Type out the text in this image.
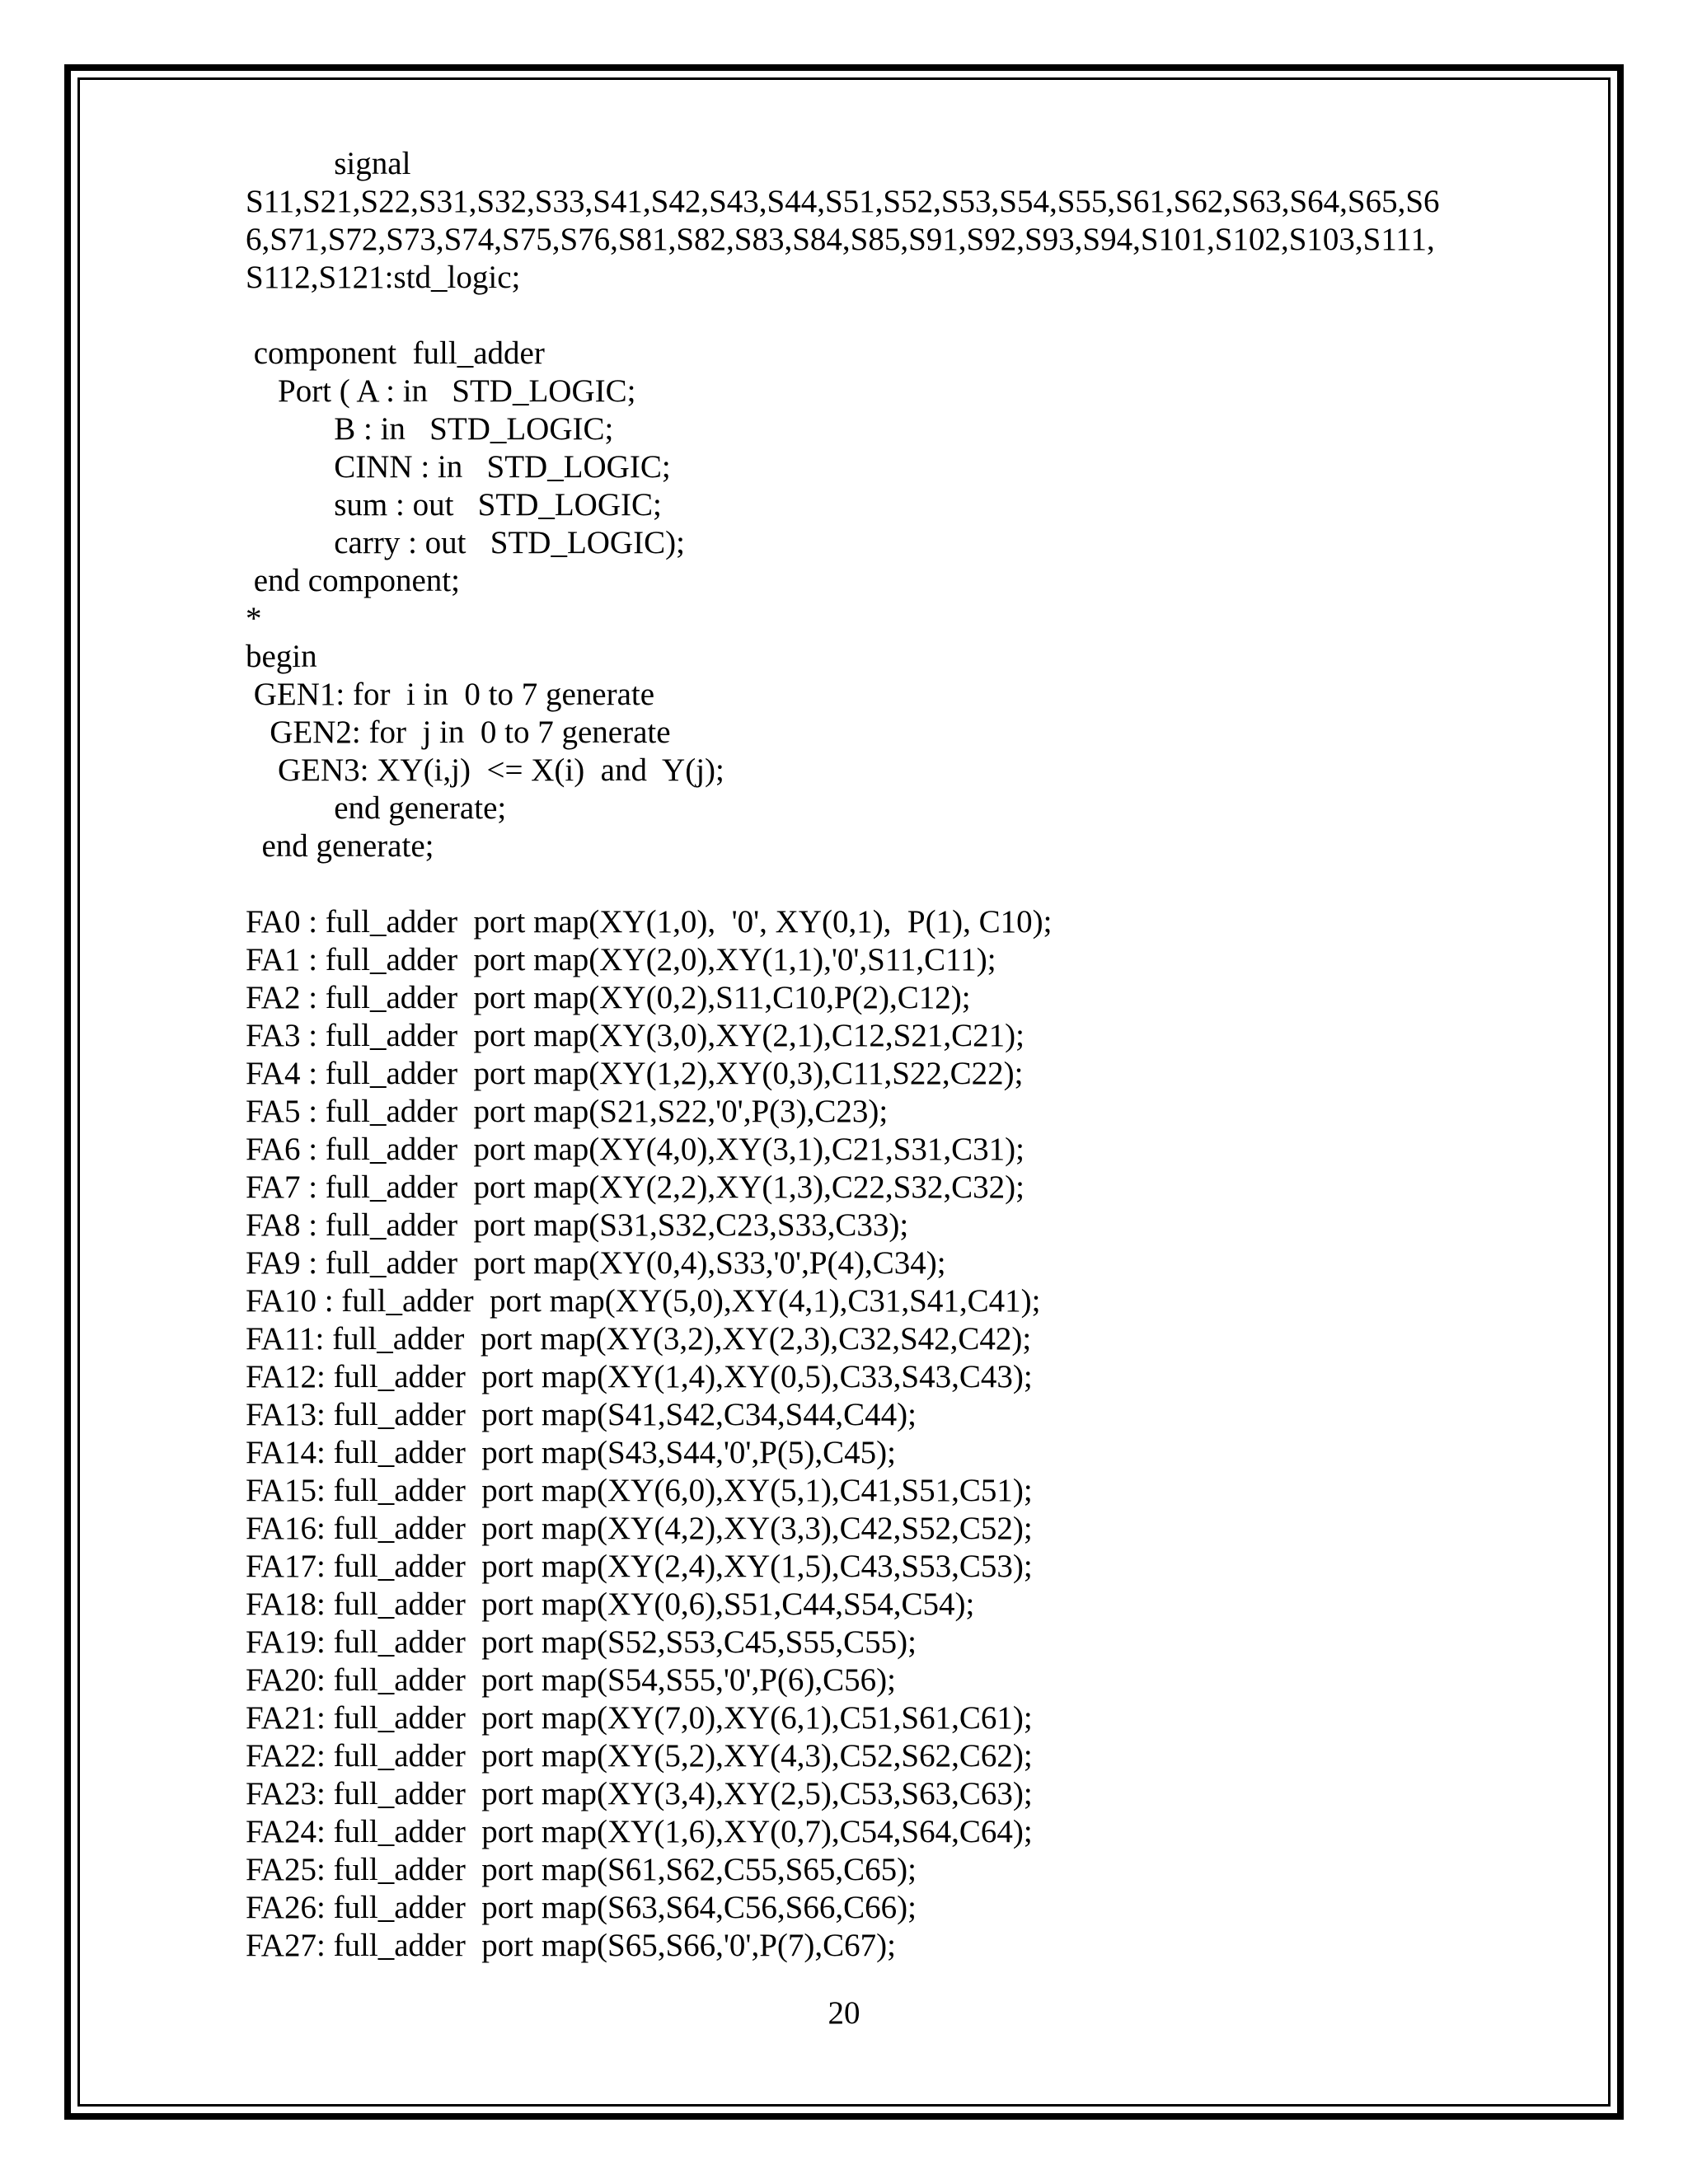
signal
S11,S21,S22,S31,S32,S33,S41,S42,S43,S44,S51,S52,S53,S54,S55,S61,S62,S63,S64,S65,S6
6,S71,S72,S73,S74,S75,S76,S81,S82,S83,S84,S85,S91,S92,S93,S94,S101,S102,S103,S111,
S112,S121:std_logic;
component  full_adder
Port ( A : in   STD_LOGIC;
B : in   STD_LOGIC;
CINN : in   STD_LOGIC;
sum : out   STD_LOGIC;
carry : out   STD_LOGIC);
end component;
*
begin
GEN1: for  i in  0 to 7 generate
GEN2: for  j in  0 to 7 generate
GEN3: XY(i,j)  <= X(i)  and  Y(j);
end generate;
end generate;
FA0 : full_adder  port map(XY(1,0),  '0', XY(0,1),  P(1), C10);
FA1 : full_adder  port map(XY(2,0),XY(1,1),'0',S11,C11);
FA2 : full_adder  port map(XY(0,2),S11,C10,P(2),C12);
FA3 : full_adder  port map(XY(3,0),XY(2,1),C12,S21,C21);
FA4 : full_adder  port map(XY(1,2),XY(0,3),C11,S22,C22);
FA5 : full_adder  port map(S21,S22,'0',P(3),C23);
FA6 : full_adder  port map(XY(4,0),XY(3,1),C21,S31,C31);
FA7 : full_adder  port map(XY(2,2),XY(1,3),C22,S32,C32);
FA8 : full_adder  port map(S31,S32,C23,S33,C33);
FA9 : full_adder  port map(XY(0,4),S33,'0',P(4),C34);
FA10 : full_adder  port map(XY(5,0),XY(4,1),C31,S41,C41);
FA11: full_adder  port map(XY(3,2),XY(2,3),C32,S42,C42);
FA12: full_adder  port map(XY(1,4),XY(0,5),C33,S43,C43);
FA13: full_adder  port map(S41,S42,C34,S44,C44);
FA14: full_adder  port map(S43,S44,'0',P(5),C45);
FA15: full_adder  port map(XY(6,0),XY(5,1),C41,S51,C51);
FA16: full_adder  port map(XY(4,2),XY(3,3),C42,S52,C52);
FA17: full_adder  port map(XY(2,4),XY(1,5),C43,S53,C53);
FA18: full_adder  port map(XY(0,6),S51,C44,S54,C54);
FA19: full_adder  port map(S52,S53,C45,S55,C55);
FA20: full_adder  port map(S54,S55,'0',P(6),C56);
FA21: full_adder  port map(XY(7,0),XY(6,1),C51,S61,C61);
FA22: full_adder  port map(XY(5,2),XY(4,3),C52,S62,C62);
FA23: full_adder  port map(XY(3,4),XY(2,5),C53,S63,C63);
FA24: full_adder  port map(XY(1,6),XY(0,7),C54,S64,C64);
FA25: full_adder  port map(S61,S62,C55,S65,C65);
FA26: full_adder  port map(S63,S64,C56,S66,C66);
FA27: full_adder  port map(S65,S66,'0',P(7),C67);
20
